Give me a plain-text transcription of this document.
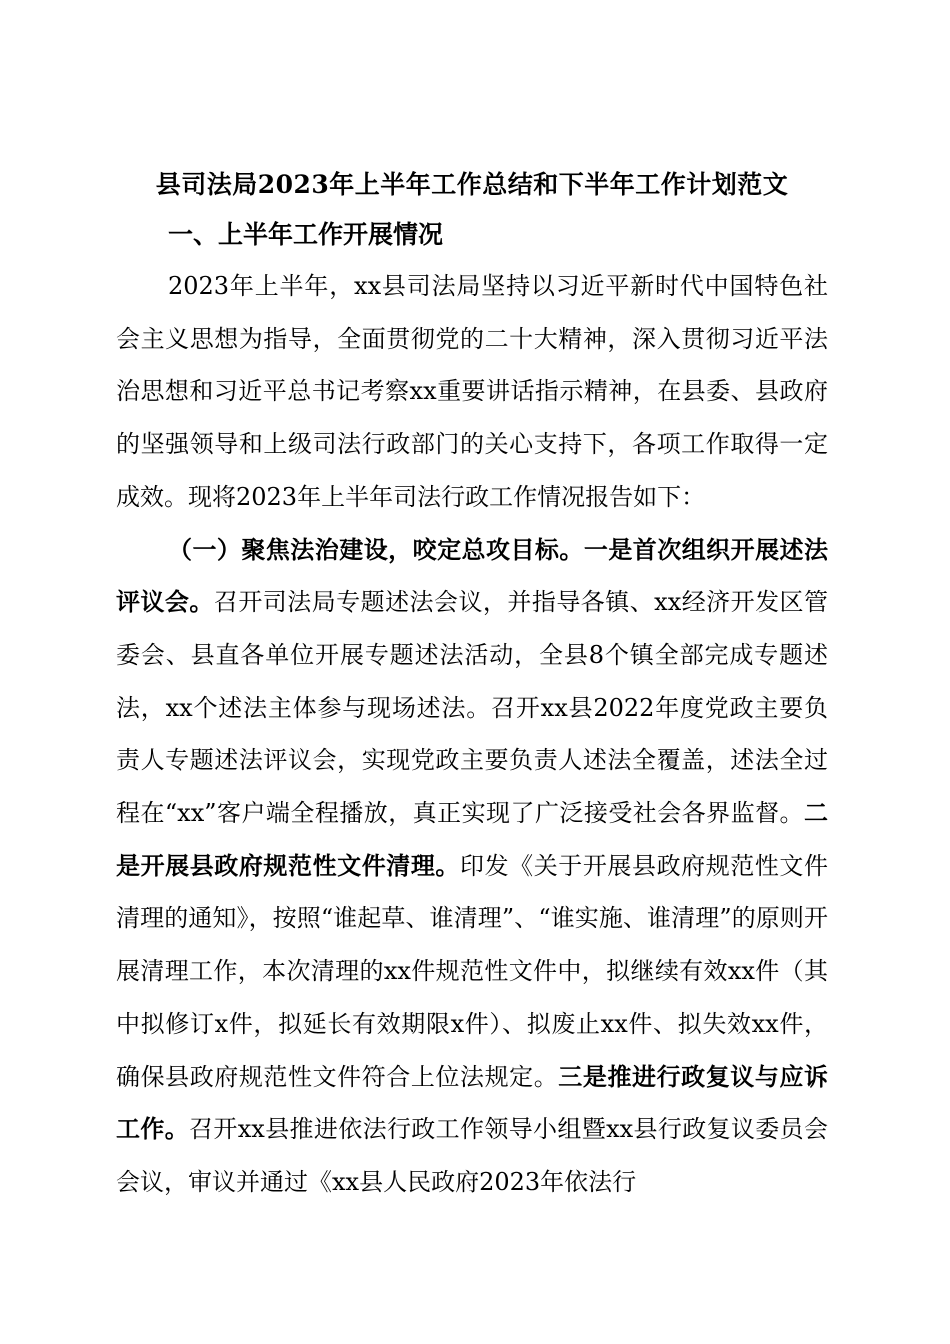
县司法局2023年上半年工作总结和下半年工作计划范文
一、上半年工作开展情况

2023年上半年，xx县司法局坚持以习近平新时代中国特色社会主义思想为指导，全面贯彻党的二十大精神，深入贯彻习近平法治思想和习近平总书记考察xx重要讲话指示精神，在县委、县政府的坚强领导和上级司法行政部门的关心支持下，各项工作取得一定成效。现将2023年上半年司法行政工作情况报告如下：

（一）聚焦法治建设，咬定总攻目标。一是首次组织开展述法评议会。召开司法局专题述法会议，并指导各镇、xx经济开发区管委会、县直各单位开展专题述法活动，全县8个镇全部完成专题述法，xx个述法主体参与现场述法。召开xx县2022年度党政主要负责人专题述法评议会，实现党政主要负责人述法全覆盖，述法全过程在“xx”客户端全程播放，真正实现了广泛接受社会各界监督。二是开展县政府规范性文件清理。印发《关于开展县政府规范性文件清理的通知》，按照“谁起草、谁清理”、“谁实施、谁清理”的原则开展清理工作，本次清理的xx件规范性文件中，拟继续有效xx件（其中拟修订x件，拟延长有效期限x件）、拟废止xx件、拟失效xx件，确保县政府规范性文件符合上位法规定。三是推进行政复议与应诉工作。召开xx县推进依法行政工作领导小组暨xx县行政复议委员会会议，审议并通过《xx县人民政府2023年依法行
